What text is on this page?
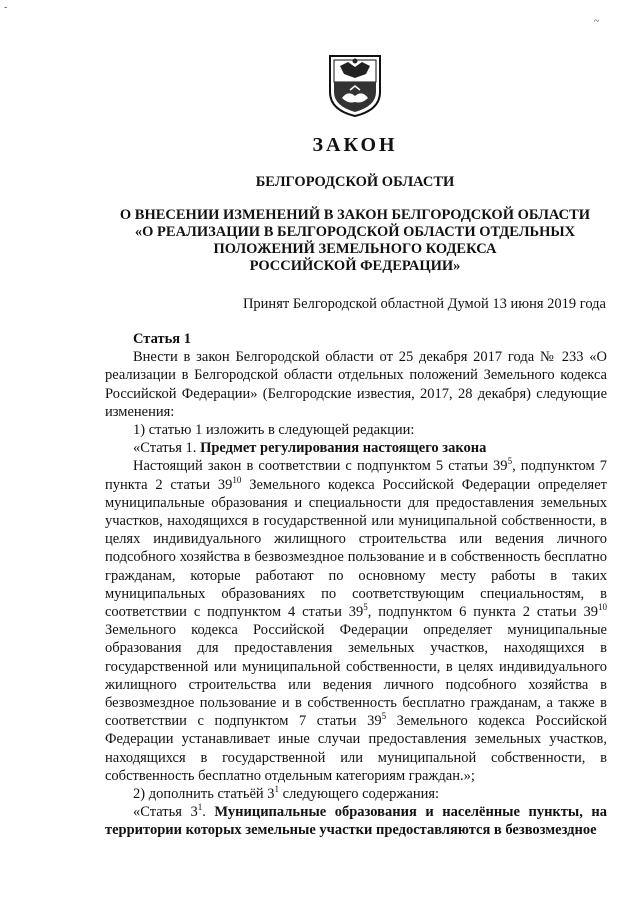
-
~
ЗАКОН
БЕЛГОРОДСКОЙ ОБЛАСТИ
О ВНЕСЕНИИ ИЗМЕНЕНИЙ В ЗАКОН БЕЛГОРОДСКОЙ ОБЛАСТИ
«О РЕАЛИЗАЦИИ В БЕЛГОРОДСКОЙ ОБЛАСТИ ОТДЕЛЬНЫХ
ПОЛОЖЕНИЙ ЗЕМЕЛЬНОГО КОДЕКСА
РОССИЙСКОЙ ФЕДЕРАЦИИ»

Принят Белгородской областной Думой 13 июня 2019 года

Статья 1

Внести в закон Белгородской области от 25 декабря 2017 года № 233 «О реализации в Белгородской области отдельных положений Земельного кодекса Российской Федерации» (Белгородские известия, 2017, 28 декабря) следующие изменения:

1) статью 1 изложить в следующей редакции:

«Статья 1. Предмет регулирования настоящего закона

Настоящий закон в соответствии с подпунктом 5 статьи $39^5$, подпунктом 7 пункта 2 статьи $39^{10}$ Земельного кодекса Российской Федерации определяет муниципальные образования и специальности для предоставления земельных участков, находящихся в государственной или муниципальной собственности, в целях индивидуального жилищного строительства или ведения личного подсобного хозяйства в безвозмездное пользование и в собственность бесплатно гражданам, которые работают по основному месту работы в таких муниципальных образованиях по соответствующим специальностям, в соответствии с подпунктом 4 статьи $39^5$, подпунктом 6 пункта 2 статьи $39^{10}$ Земельного кодекса Российской Федерации определяет муниципальные образования для предоставления земельных участков, находящихся в государственной или муниципальной собственности, в целях индивидуального жилищного строительства или ведения личного подсобного хозяйства в безвозмездное пользование и в собственность бесплатно гражданам, а также в соответствии с подпунктом 7 статьи $39^5$ Земельного кодекса Российской Федерации устанавливает иные случаи предоставления земельных участков, находящихся в государственной или муниципальной собственности, в собственность бесплатно отдельным категориям граждан.»;

2) дополнить статьёй $3^1$ следующего содержания:

«Статья $3^1$. Муниципальные образования и населённые пункты, на территории которых земельные участки предоставляются в безвозмездное
